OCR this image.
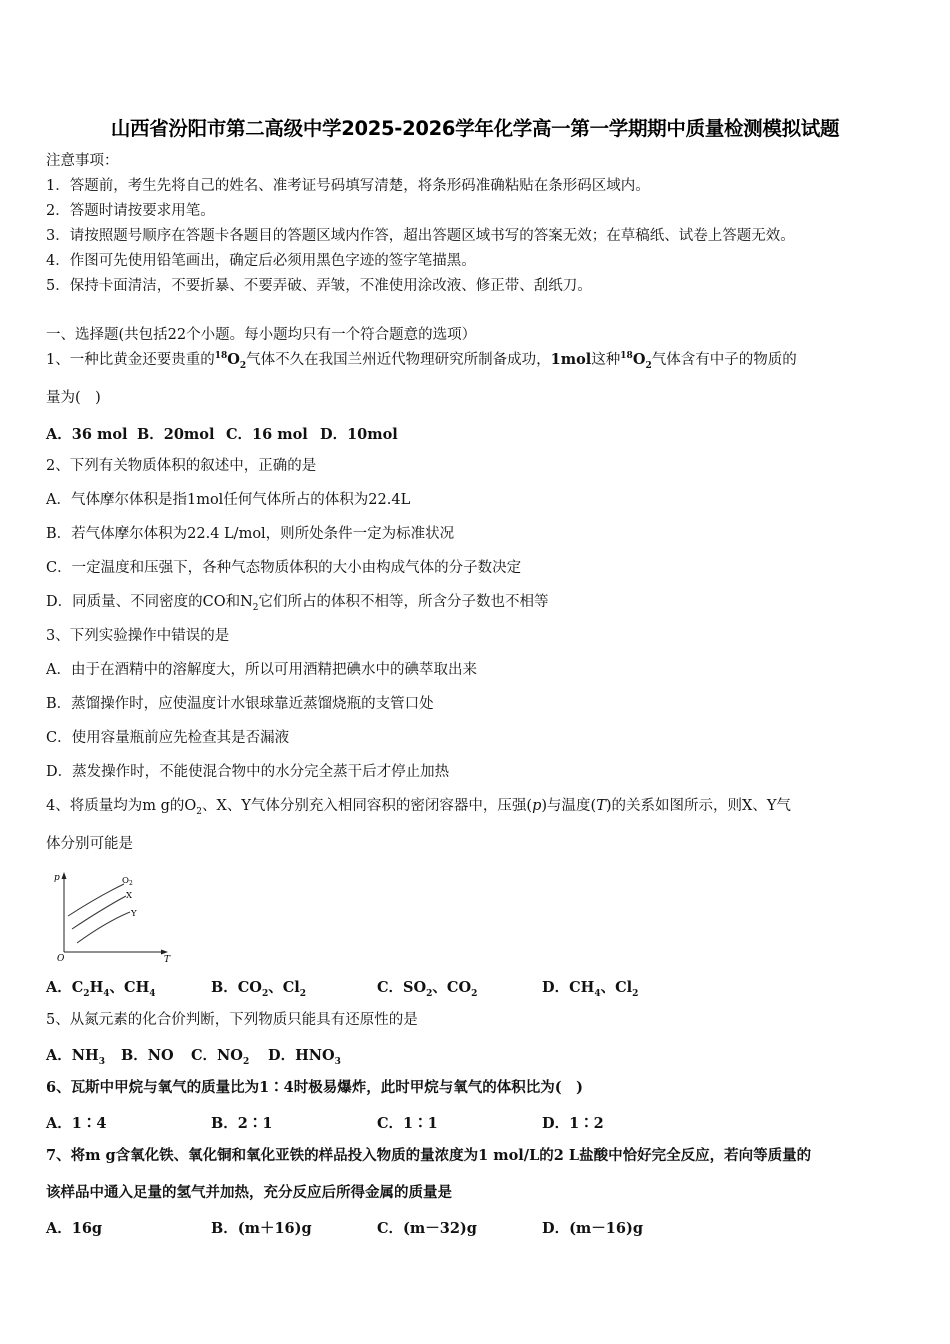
山西省汾阳市第二高级中学2025-2026学年化学高一第一学期期中质量检测模拟试题
注意事项：
1．答题前，考生先将自己的姓名、准考证号码填写清楚，将条形码准确粘贴在条形码区域内。
2．答题时请按要求用笔。
3．请按照题号顺序在答题卡各题目的答题区域内作答，超出答题区域书写的答案无效；在草稿纸、试卷上答题无效。
4．作图可先使用铅笔画出，确定后必须用黑色字迹的签字笔描黑。
5．保持卡面清洁，不要折暴、不要弄破、弄皱，不准使用涂改液、修正带、刮纸刀。
一、选择题(共包括22个小题。每小题均只有一个符合题意的选项）
1、一种比黄金还要贵重的$^{18}O_2$气体不久在我国兰州近代物理研究所制备成功，1mol这种$^{18}O_2$气体含有中子的物质的
量为(　)
A．36 mol B．20mol C．16 mol D．10mol
2、下列有关物质体积的叙述中，正确的是
A．气体摩尔体积是指1mol任何气体所占的体积为22.4L
B．若气体摩尔体积为22.4 L/mol，则所处条件一定为标准状况
C．一定温度和压强下，各种气态物质体积的大小由构成气体的分子数决定
D．同质量、不同密度的CO和$N_2$它们所占的体积不相等，所含分子数也不相等
3、下列实验操作中错误的是
A．由于在酒精中的溶解度大，所以可用酒精把碘水中的碘萃取出来
B．蒸馏操作时，应使温度计水银球靠近蒸馏烧瓶的支管口处
C．使用容量瓶前应先检查其是否漏液
D．蒸发操作时，不能使混合物中的水分完全蒸干后才停止加热
4、将质量均为m g的$O_2$、X、Y气体分别充入相同容积的密闭容器中，压强(p)与温度(T)的关系如图所示，则X、Y气
体分别可能是
p
T
O
$O_2$
X
Y
A．$C_2H_4$、$CH_4$	B．$CO_2$、$Cl_2$	C．$SO_2$、$CO_2$	D．$CH_4$、$Cl_2$
5、从氮元素的化合价判断，下列物质只能具有还原性的是
A．$NH_3$ B．NO C．$NO_2$ D．$HNO_3$
6、瓦斯中甲烷与氧气的质量比为1∶4时极易爆炸，此时甲烷与氧气的体积比为(　)
A．1∶4	B．2∶1	C．1∶1	D．1∶2
7、将m g含氧化铁、氧化铜和氧化亚铁的样品投入物质的量浓度为1 mol/L的2 L盐酸中恰好完全反应，若向等质量的
该样品中通入足量的氢气并加热，充分反应后所得金属的质量是
A．16g	B．(m＋16)g	C．(m－32)g	D．(m－16)g
